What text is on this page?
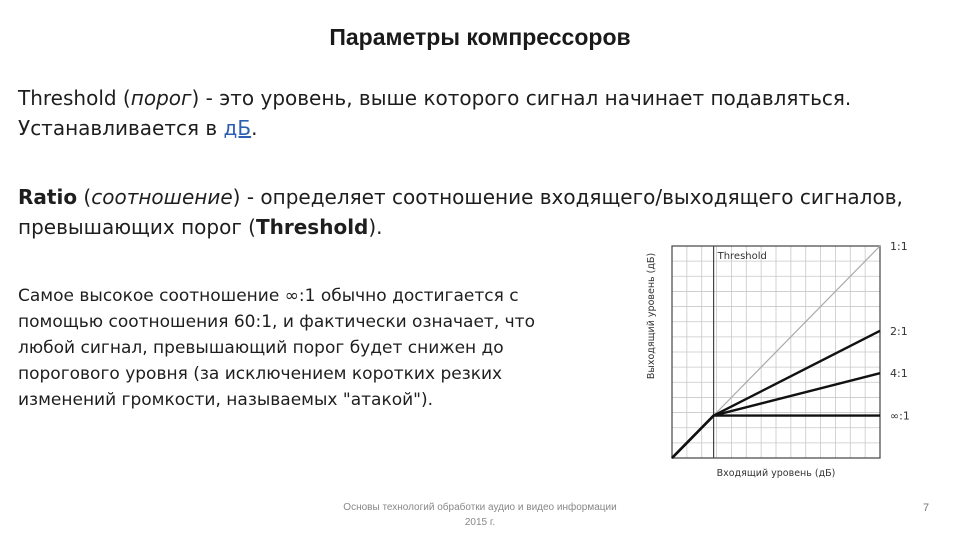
Параметры компрессоров
Threshold (порог) - это уровень, выше которого сигнал начинает подавляться. Устанавливается в дБ.
Ratio (соотношение) - определяет соотношение входящего/выходящего сигналов, превышающих порог (Threshold).
Самое высокое соотношение ∞:1 обычно достигается с помощью соотношения 60:1, и фактически означает, что любой сигнал, превышающий порог будет снижен до порогового уровня (за исключением коротких резких изменений громкости, называемых "атакой").
Threshold
1:1
2:1
4:1
∞:1
Входящий уровень (дБ)
Выходящий уровень (дБ)
Основы технологий обработки аудио и видео информации
2015 г.
7
